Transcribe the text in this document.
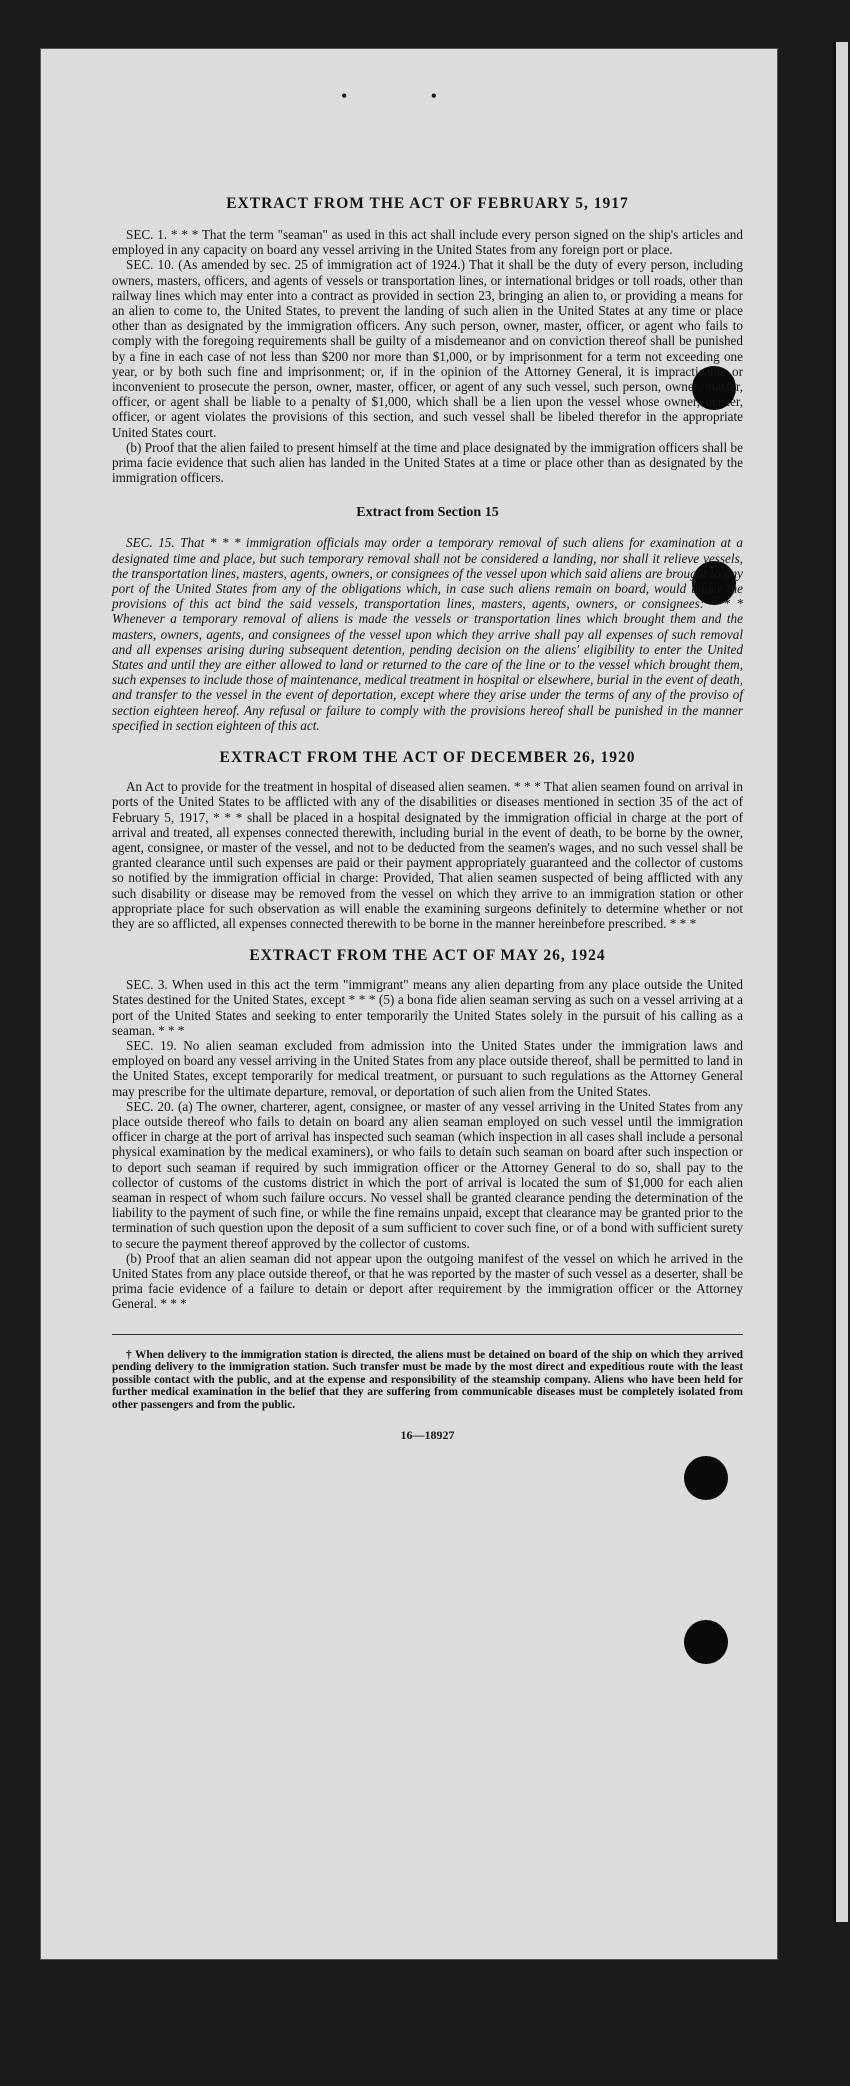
• •
EXTRACT FROM THE ACT OF FEBRUARY 5, 1917

SEC. 1. * * * That the term "seaman" as used in this act shall include every person signed on the ship's articles and employed in any capacity on board any vessel arriving in the United States from any foreign port or place.

SEC. 10. (As amended by sec. 25 of immigration act of 1924.) That it shall be the duty of every person, including owners, masters, officers, and agents of vessels or transportation lines, or international bridges or toll roads, other than railway lines which may enter into a contract as provided in section 23, bringing an alien to, or providing a means for an alien to come to, the United States, to prevent the landing of such alien in the United States at any time or place other than as designated by the immigration officers. Any such person, owner, master, officer, or agent who fails to comply with the foregoing requirements shall be guilty of a misdemeanor and on conviction thereof shall be punished by a fine in each case of not less than $200 nor more than $1,000, or by imprisonment for a term not exceeding one year, or by both such fine and imprisonment; or, if in the opinion of the Attorney General, it is impracticable or inconvenient to prosecute the person, owner, master, officer, or agent of any such vessel, such person, owner, master, officer, or agent shall be liable to a penalty of $1,000, which shall be a lien upon the vessel whose owner, master, officer, or agent violates the provisions of this section, and such vessel shall be libeled therefor in the appropriate United States court.

(b) Proof that the alien failed to present himself at the time and place designated by the immigration officers shall be prima facie evidence that such alien has landed in the United States at a time or place other than as designated by the immigration officers.

Extract from Section 15

SEC. 15. That * * * immigration officials may order a temporary removal of such aliens for examination at a designated time and place, but such temporary removal shall not be considered a landing, nor shall it relieve vessels, the transportation lines, masters, agents, owners, or consignees of the vessel upon which said aliens are brought to any port of the United States from any of the obligations which, in case such aliens remain on board, would under the provisions of this act bind the said vessels, transportation lines, masters, agents, owners, or consignees: * * * Whenever a temporary removal of aliens is made the vessels or transportation lines which brought them and the masters, owners, agents, and consignees of the vessel upon which they arrive shall pay all expenses of such removal and all expenses arising during subsequent detention, pending decision on the aliens' eligibility to enter the United States and until they are either allowed to land or returned to the care of the line or to the vessel which brought them, such expenses to include those of maintenance, medical treatment in hospital or elsewhere, burial in the event of death, and transfer to the vessel in the event of deportation, except where they arise under the terms of any of the proviso of section eighteen hereof. Any refusal or failure to comply with the provisions hereof shall be punished in the manner specified in section eighteen of this act.

EXTRACT FROM THE ACT OF DECEMBER 26, 1920

An Act to provide for the treatment in hospital of diseased alien seamen. * * * That alien seamen found on arrival in ports of the United States to be afflicted with any of the disabilities or diseases mentioned in section 35 of the act of February 5, 1917, * * * shall be placed in a hospital designated by the immigration official in charge at the port of arrival and treated, all expenses connected therewith, including burial in the event of death, to be borne by the owner, agent, consignee, or master of the vessel, and not to be deducted from the seamen's wages, and no such vessel shall be granted clearance until such expenses are paid or their payment appropriately guaranteed and the collector of customs so notified by the immigration official in charge: Provided, That alien seamen suspected of being afflicted with any such disability or disease may be removed from the vessel on which they arrive to an immigration station or other appropriate place for such observation as will enable the examining surgeons definitely to determine whether or not they are so afflicted, all expenses connected therewith to be borne in the manner hereinbefore prescribed. * * *

EXTRACT FROM THE ACT OF MAY 26, 1924

SEC. 3. When used in this act the term "immigrant" means any alien departing from any place outside the United States destined for the United States, except * * * (5) a bona fide alien seaman serving as such on a vessel arriving at a port of the United States and seeking to enter temporarily the United States solely in the pursuit of his calling as a seaman. * * *

SEC. 19. No alien seaman excluded from admission into the United States under the immigration laws and employed on board any vessel arriving in the United States from any place outside thereof, shall be permitted to land in the United States, except temporarily for medical treatment, or pursuant to such regulations as the Attorney General may prescribe for the ultimate departure, removal, or deportation of such alien from the United States.

SEC. 20. (a) The owner, charterer, agent, consignee, or master of any vessel arriving in the United States from any place outside thereof who fails to detain on board any alien seaman employed on such vessel until the immigration officer in charge at the port of arrival has inspected such seaman (which inspection in all cases shall include a personal physical examination by the medical examiners), or who fails to detain such seaman on board after such inspection or to deport such seaman if required by such immigration officer or the Attorney General to do so, shall pay to the collector of customs of the customs district in which the port of arrival is located the sum of $1,000 for each alien seaman in respect of whom such failure occurs. No vessel shall be granted clearance pending the determination of the liability to the payment of such fine, or while the fine remains unpaid, except that clearance may be granted prior to the termination of such question upon the deposit of a sum sufficient to cover such fine, or of a bond with sufficient surety to secure the payment thereof approved by the collector of customs.

(b) Proof that an alien seaman did not appear upon the outgoing manifest of the vessel on which he arrived in the United States from any place outside thereof, or that he was reported by the master of such vessel as a deserter, shall be prima facie evidence of a failure to detain or deport after requirement by the immigration officer or the Attorney General. * * *

† When delivery to the immigration station is directed, the aliens must be detained on board of the ship on which they arrived pending delivery to the immigration station. Such transfer must be made by the most direct and expeditious route with the least possible contact with the public, and at the expense and responsibility of the steamship company. Aliens who have been held for further medical examination in the belief that they are suffering from communicable diseases must be completely isolated from other passengers and from the public.

16—18927
